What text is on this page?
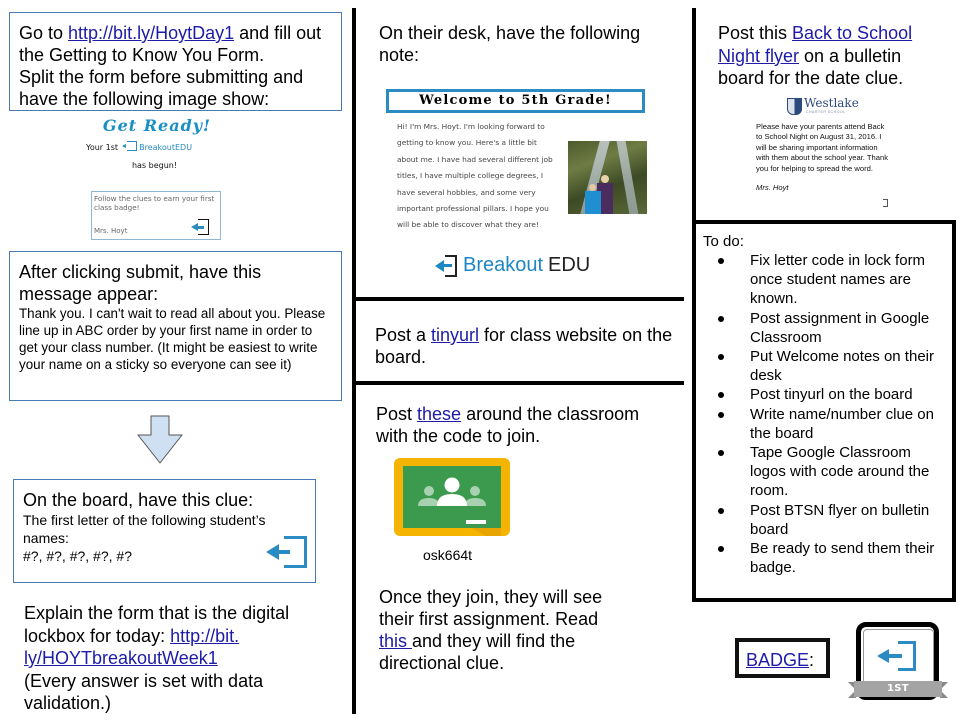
Go to http://bit.ly/HoytDay1 and fill out the Getting to Know You Form.
Split the form before submitting and have the following image show:
Get Ready!
Your 1st	BreakoutEDU
has begun!
Follow the clues to earn your first class badge!
Mrs. Hoyt
After clicking submit, have this message appear:
Thank you. I can't wait to read all about you. Please line up in ABC order by your first name in order to get your class number. (It might be easiest to write your name on a sticky so everyone can see it)
On the board, have this clue:
The first letter of the following student’s names:
#?, #?, #?, #?, #?
Explain the form that is the digital lockbox for today: http://bit.
ly/HOYTbreakoutWeek1
(Every answer is set with data validation.)
On their desk, have the following note:
Welcome to 5th Grade!
Hi! I'm Mrs. Hoyt. I'm looking forward to getting to know you. Here's a little bit about me. I have had several different job titles, I have multiple college degrees, I have several hobbies, and some very important professional pillars. I hope you will be able to discover what they are!
Breakout EDU
Post a tinyurl for class website on the board.
Post these around the classroom with the code to join.
osk664t
Once they join, they will see their first assignment. Read this and they will find the directional clue.
Post this Back to School Night flyer on a bulletin board for the date clue.
Westlake
CHARTER SCHOOL
Please have your parents attend Back to School Night on August 31, 2016. I will be sharing important information with them about the school year. Thank you for helping to spread the word.
Mrs. Hoyt
To do:
Fix letter code in lock form once student names are known.
Post assignment in Google Classroom
Put Welcome notes on their desk
Post tinyurl on the board
Write name/number clue on the board
Tape Google Classroom logos with code around the room.
Post BTSN flyer on bulletin board
Be ready to send them their badge.
BADGE:
1ST BREAKOUT
